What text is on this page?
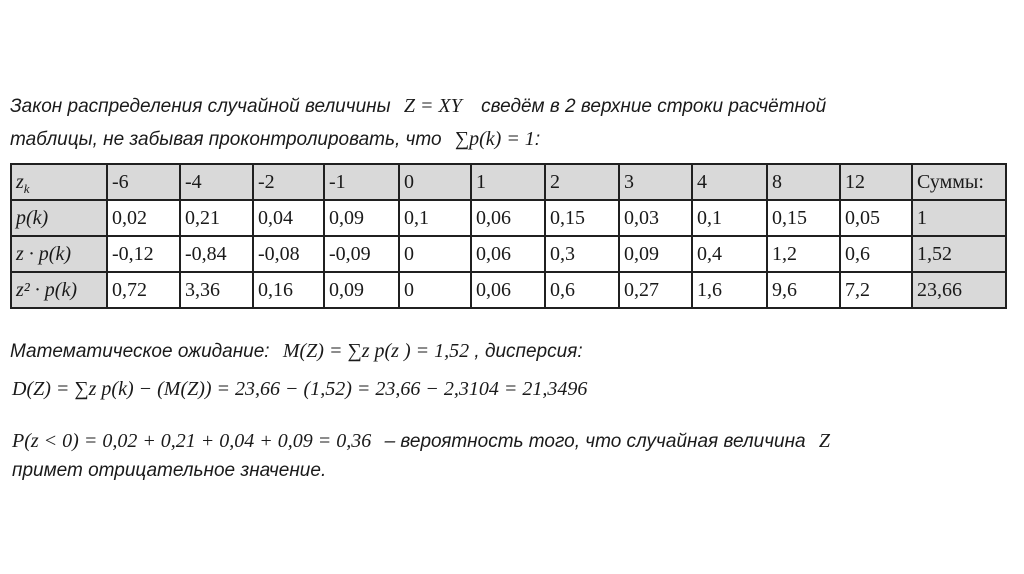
Закон распределения случайной величины Z = XY сведём в 2 верхние строки расчётной
таблицы, не забывая проконтролировать, что ∑p(k) = 1:
$z_k$	-6	-4	-2	-1	0	1	2	3	4	8	12	Суммы:
p(k)	0,02	0,21	0,04	0,09	0,1	0,06	0,15	0,03	0,1	0,15	0,05	1
z · p(k)	-0,12	-0,84	-0,08	-0,09	0	0,06	0,3	0,09	0,4	1,2	0,6	1,52
z² · p(k)	0,72	3,36	0,16	0,09	0	0,06	0,6	0,27	1,6	9,6	7,2	23,66
Математическое ожидание: M(Z) = ∑z p(z ) = 1,52 , дисперсия:
D(Z) = ∑z p(k) − (M(Z)) = 23,66 − (1,52) = 23,66 − 2,3104 = 21,3496
P(z < 0) = 0,02 + 0,21 + 0,04 + 0,09 = 0,36 – вероятность того, что случайная величина Z
примет отрицательное значение.
